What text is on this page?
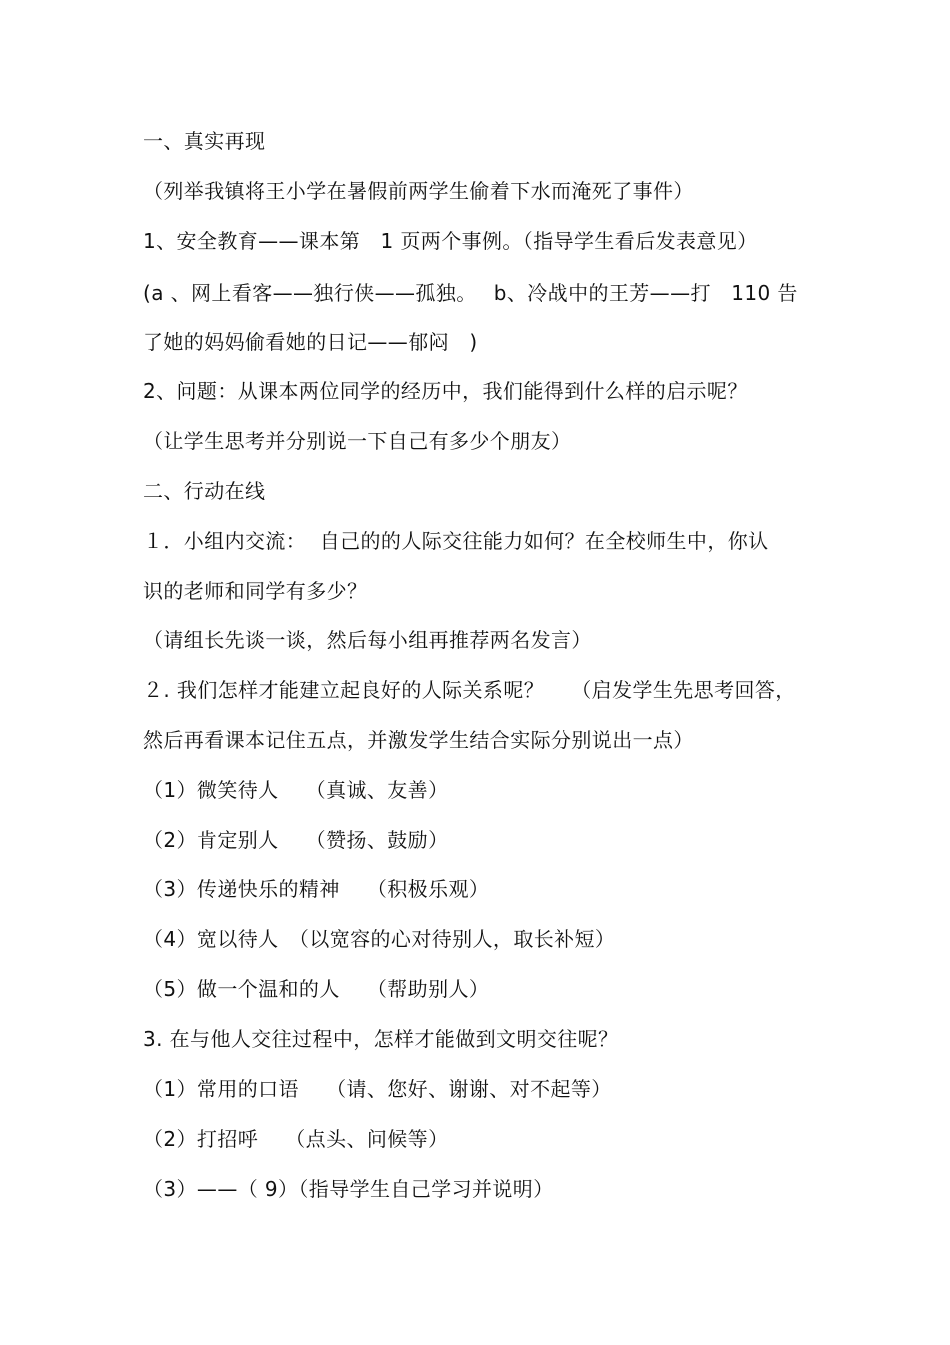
一、真实再现
（列举我镇将王小学在暑假前两学生偷着下水而淹死了事件）
1、安全教育——课本第　1 页两个事例。（指导学生看后发表意见）
(a 、网上看客——独行侠——孤独。　 b、冷战中的王芳——打　110 告
了她的妈妈偷看她的日记——郁闷　)
2、问题：从课本两位同学的经历中，我们能得到什么样的启示呢？
（让学生思考并分别说一下自己有多少个朋友）
二、行动在线
１．小组内交流：  自己的的人际交往能力如何？在全校师生中，你认
识的老师和同学有多少？
（请组长先谈一谈，然后每小组再推荐两名发言）
２. 我们怎样才能建立起良好的人际关系呢？　 （启发学生先思考回答，
然后再看课本记住五点，并激发学生结合实际分别说出一点）
（1）微笑待人　 （真诚、友善）
（2）肯定别人　 （赞扬、鼓励）
（3）传递快乐的精神　 （积极乐观）
（4）宽以待人　（以宽容的心对待别人，取长补短）
（5）做一个温和的人　 （帮助别人）
3. 在与他人交往过程中，怎样才能做到文明交往呢？
（1）常用的口语　 （请、您好、谢谢、对不起等）
（2）打招呼　 （点头、问候等）
（3）——（ 9）（指导学生自己学习并说明）
